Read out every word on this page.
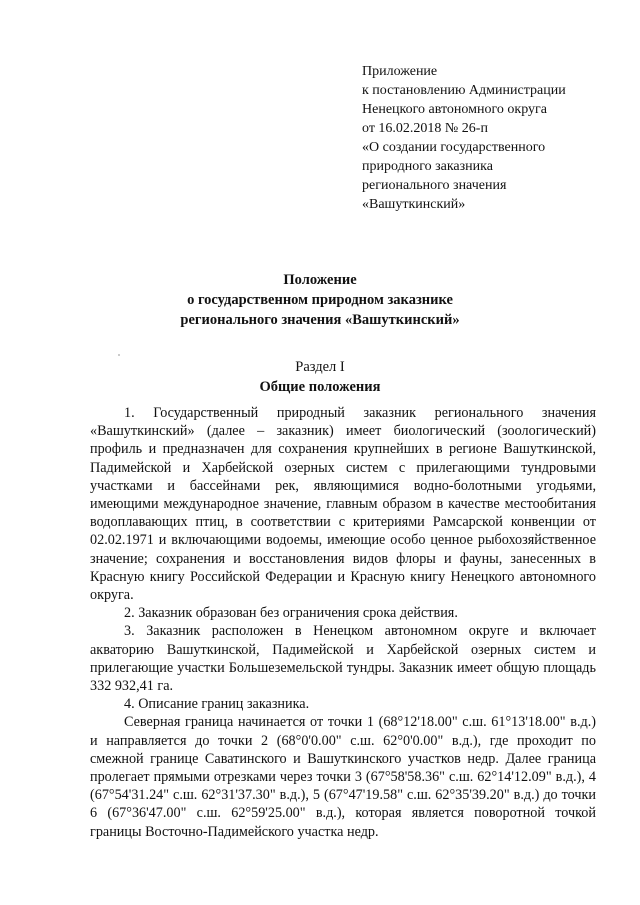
Приложение
к постановлению Администрации
Ненецкого автономного округа
от 16.02.2018 № 26-п
«О создании государственного
природного заказника
регионального значения
«Вашуткинский»
Положение
о государственном природном заказнике
регионального значения «Вашуткинский»
Раздел I
Общие положения

1. Государственный природный заказник регионального значения «Вашуткинский» (далее – заказник) имеет биологический (зоологический) профиль и предназначен для сохранения крупнейших в регионе Вашуткинской, Падимейской и Харбейской озерных систем с прилегающими тундровыми участками и бассейнами рек, являющимися водно-болотными угодьями, имеющими международное значение, главным образом в качестве местообитания водоплавающих птиц, в соответствии с критериями Рамсарской конвенции от 02.02.1971 и включающими водоемы, имеющие особо ценное рыбохозяйственное значение; сохранения и восстановления видов флоры и фауны, занесенных в Красную книгу Российской Федерации и Красную книгу Ненецкого автономного округа.

2. Заказник образован без ограничения срока действия.

3. Заказник расположен в Ненецком автономном округе и включает акваторию Вашуткинской, Падимейской и Харбейской озерных систем и прилегающие участки Большеземельской тундры. Заказник имеет общую площадь 332 932,41 га.

4. Описание границ заказника.

Северная граница начинается от точки 1 (68°12'18.00" с.ш. 61°13'18.00" в.д.) и направляется до точки 2 (68°0'0.00" с.ш. 62°0'0.00" в.д.), где проходит по смежной границе Саватинского и Вашуткинского участков недр. Далее граница пролегает прямыми отрезками через точки 3 (67°58'58.36" с.ш. 62°14'12.09" в.д.), 4 (67°54'31.24" с.ш. 62°31'37.30" в.д.), 5 (67°47'19.58" с.ш. 62°35'39.20" в.д.) до точки 6 (67°36'47.00" с.ш. 62°59'25.00" в.д.), которая является поворотной точкой границы Восточно-Падимейского участка недр.
